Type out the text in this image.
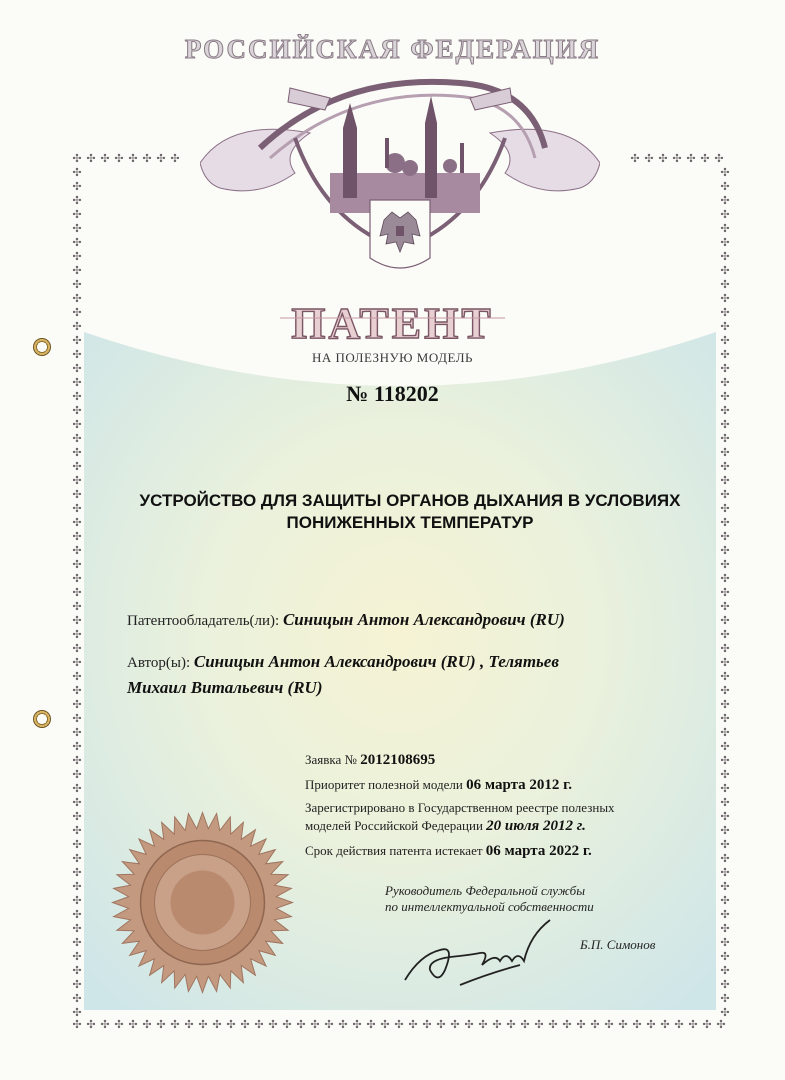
✣ ✣ ✣ ✣ ✣ ✣ ✣ ✣	✣ ✣ ✣ ✣ ✣ ✣ ✣
✣ ✣ ✣ ✣ ✣ ✣ ✣ ✣ ✣ ✣ ✣ ✣ ✣ ✣ ✣ ✣ ✣ ✣ ✣ ✣ ✣ ✣ ✣ ✣ ✣ ✣ ✣ ✣ ✣ ✣ ✣ ✣ ✣ ✣ ✣ ✣ ✣ ✣ ✣ ✣ ✣ ✣ ✣ ✣ ✣ ✣ ✣
✣
✣
✣
✣
✣
✣
✣
✣
✣
✣
✣
✣
✣
✣
✣
✣
✣
✣
✣
✣
✣
✣
✣
✣
✣
✣
✣
✣
✣
✣
✣
✣
✣
✣
✣
✣
✣
✣
✣
✣
✣
✣
✣
✣
✣
✣
✣
✣
✣
✣
✣
✣
✣
✣
✣
✣
✣
✣
✣
✣
✣
✣
✣
✣
✣
✣
✣
✣
✣
✣
✣
✣
✣
✣
✣
✣
✣
✣
✣
✣
✣
✣
✣
✣
✣
✣
✣
✣
✣
✣
✣
✣
✣
✣
✣
✣
✣
✣
✣
✣
✣
✣
✣
✣
✣
✣
✣
✣
✣
✣
✣
✣
✣
✣
✣
✣
✣
✣
✣
✣
✣
✣
РОССИЙСКАЯ ФЕДЕРАЦИЯ
ПАТЕНТ
НА ПОЛЕЗНУЮ МОДЕЛЬ
№ 118202
УСТРОЙСТВО ДЛЯ ЗАЩИТЫ ОРГАНОВ ДЫХАНИЯ В УСЛОВИЯХ ПОНИЖЕННЫХ ТЕМПЕРАТУР
Патентообладатель(ли): Синицын Антон Александрович (RU)
Автор(ы): Синицын Антон Александрович (RU) , Телятьев
Михаил Витальевич (RU)
Заявка № 2012108695
Приоритет полезной модели 06 марта 2012 г.
Зарегистрировано в Государственном реестре полезных
моделей Российской Федерации 20 июля 2012 г.
Срок действия патента истекает 06 марта 2022 г.
Руководитель Федеральной службы
по интеллектуальной собственности
Б.П. Симонов
